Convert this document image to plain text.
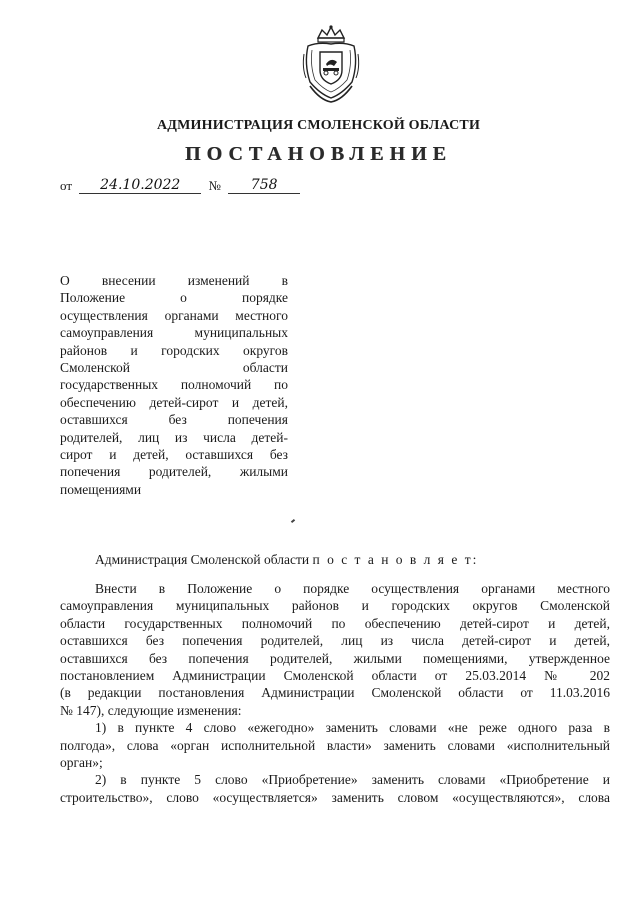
АДМИНИСТРАЦИЯ СМОЛЕНСКОЙ ОБЛАСТИ
ПОСТАНОВЛЕНИЕ
от 24.10.2022 № 758
О внесении изменений в
Положение о порядке
осуществления органами местного
самоуправления муниципальных
районов и городских округов
Смоленской области
государственных полномочий по
обеспечению детей-сирот и детей,
оставшихся без попечения
родителей, лиц из числа детей-
сирот и детей, оставшихся без
попечения родителей, жилыми
помещениями
Администрация Смоленской области п о с т а н о в л я е т:
Внести в Положение о порядке осуществления органами местного
самоуправления муниципальных районов и городских округов Смоленской
области государственных полномочий по обеспечению детей-сирот и детей,
оставшихся без попечения родителей, лиц из числа детей-сирот и детей,
оставшихся без попечения родителей, жилыми помещениями, утвержденное
постановлением Администрации Смоленской области от 25.03.2014 № 202
(в редакции постановления Администрации Смоленской области от 11.03.2016
№ 147), следующие изменения:
1) в пункте 4 слово «ежегодно» заменить словами «не реже одного раза в
полгода», слова «орган исполнительной власти» заменить словами «исполнительный
орган»;
2) в пункте 5 слово «Приобретение» заменить словами «Приобретение и
строительство», слово «осуществляется» заменить словом «осуществляются», слова
